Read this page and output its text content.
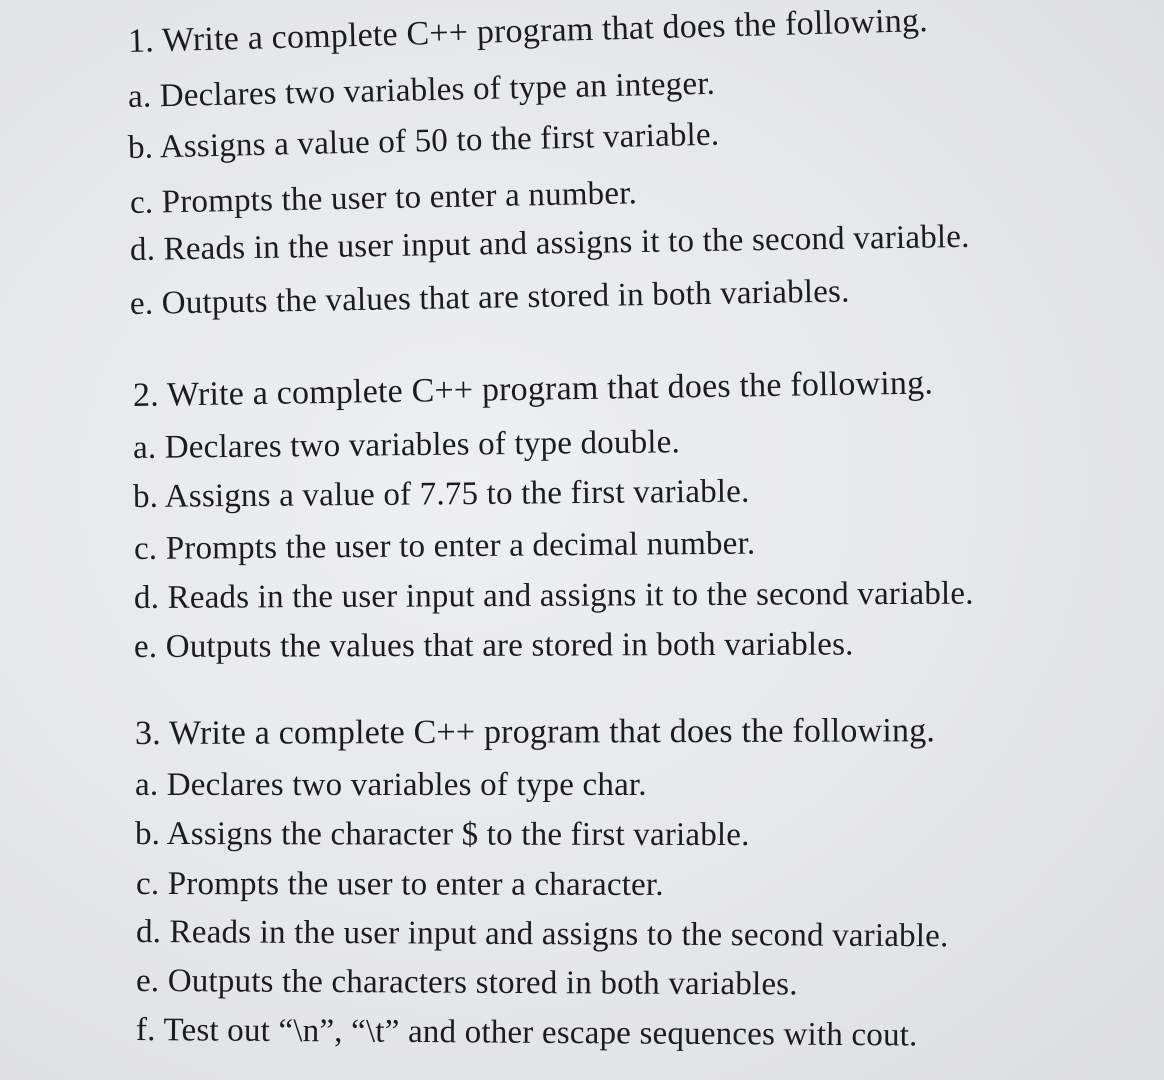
1. Write a complete C++ program that does the following.
a. Declares two variables of type an integer.
b. Assigns a value of 50 to the first variable.
c. Prompts the user to enter a number.
d. Reads in the user input and assigns it to the second variable.
e. Outputs the values that are stored in both variables.
2. Write a complete C++ program that does the following.
a. Declares two variables of type double.
b. Assigns a value of 7.75 to the first variable.
c. Prompts the user to enter a decimal number.
d. Reads in the user input and assigns it to the second variable.
e. Outputs the values that are stored in both variables.
3. Write a complete C++ program that does the following.
a. Declares two variables of type char.
b. Assigns the character $ to the first variable.
c. Prompts the user to enter a character.
d. Reads in the user input and assigns to the second variable.
e. Outputs the characters stored in both variables.
f. Test out “\n”, “\t” and other escape sequences with cout.
